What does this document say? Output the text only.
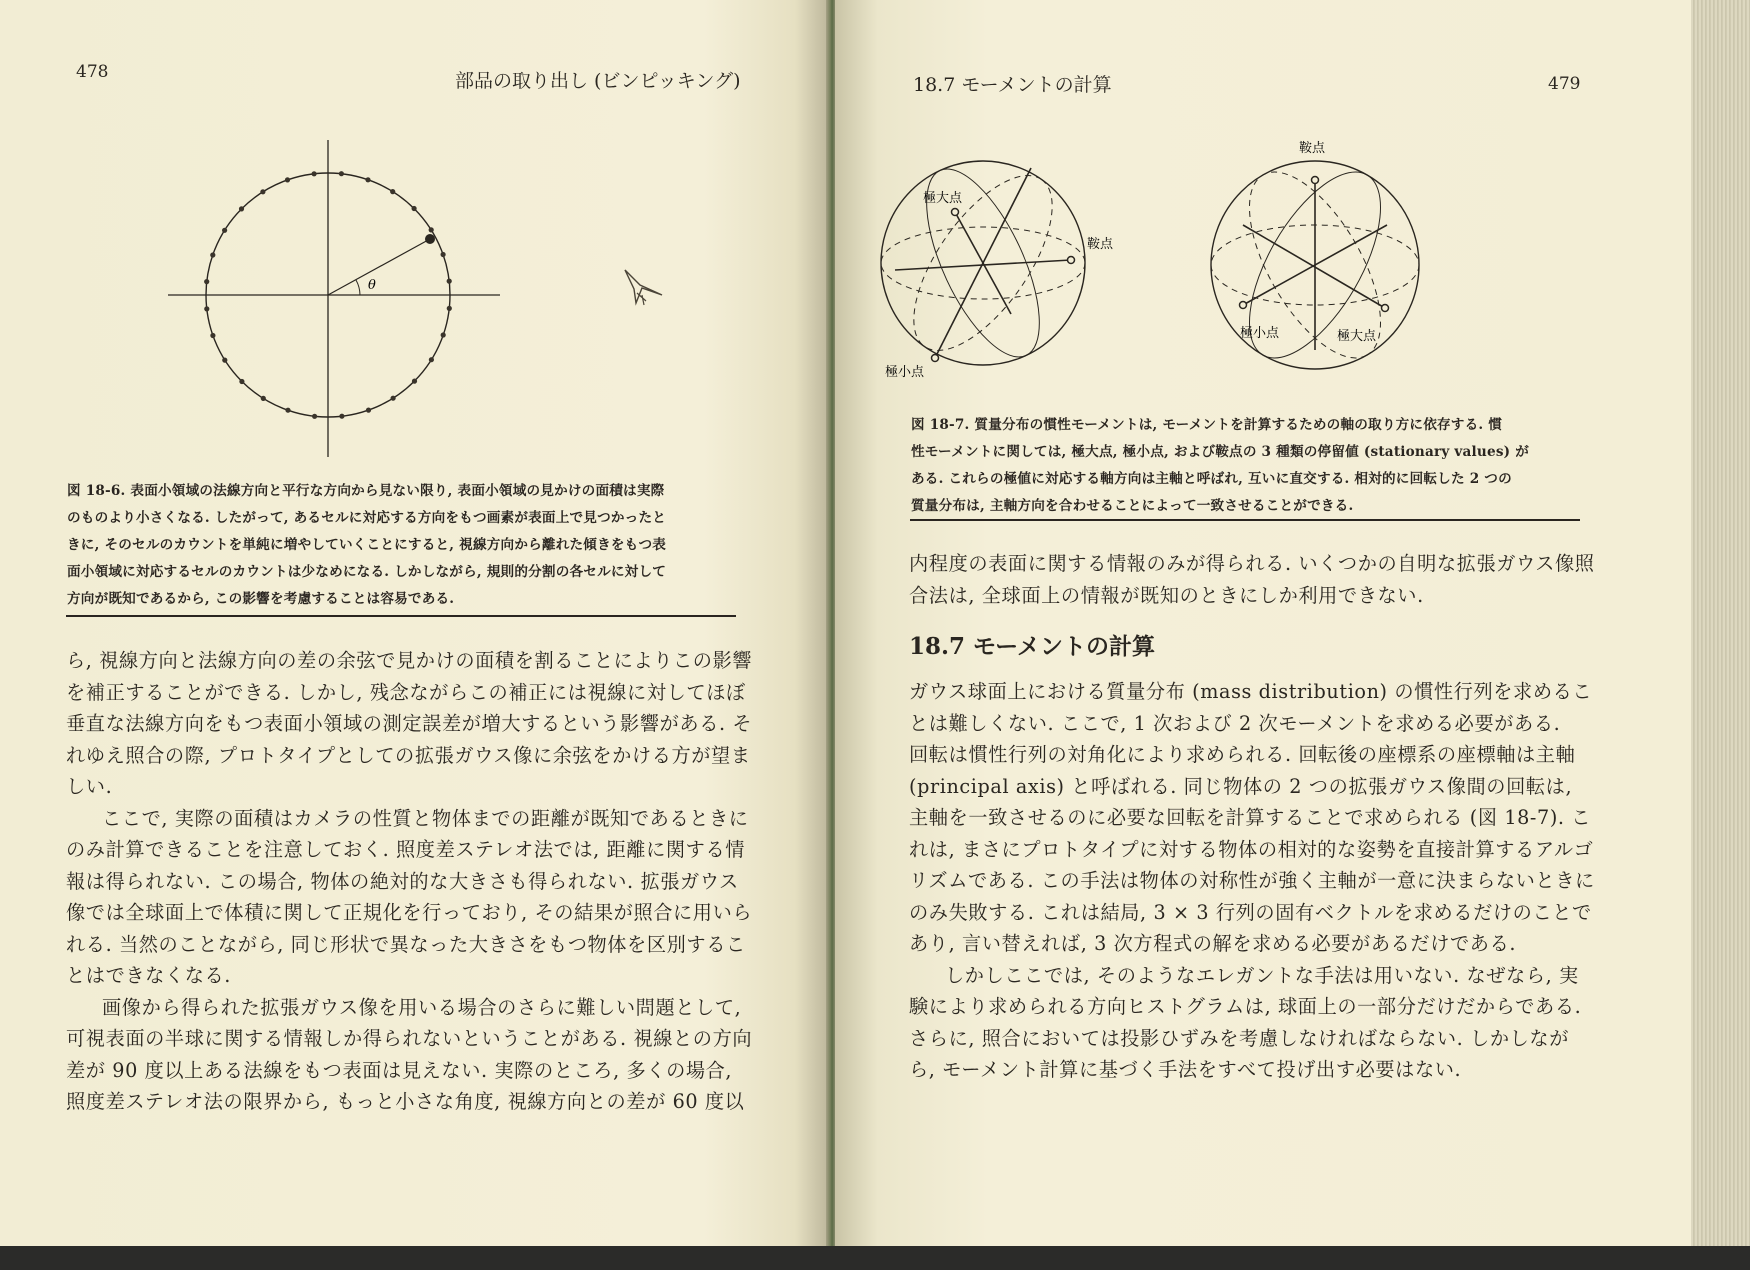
478	部品の取り出し (ビンピッキング)
θ
図 18-6. 表面小領域の法線方向と平行な方向から見ない限り, 表面小領域の見かけの面積は実際
のものより小さくなる. したがって, あるセルに対応する方向をもつ画素が表面上で見つかったと
きに, そのセルのカウントを単純に増やしていくことにすると, 視線方向から離れた傾きをもつ表
面小領域に対応するセルのカウントは少なめになる. しかしながら, 規則的分割の各セルに対して
方向が既知であるから, この影響を考慮することは容易である.
ら, 視線方向と法線方向の差の余弦で見かけの面積を割ることによりこの影響
を補正することができる. しかし, 残念ながらこの補正には視線に対してほぼ
垂直な法線方向をもつ表面小領域の測定誤差が増大するという影響がある. そ
れゆえ照合の際, プロトタイプとしての拡張ガウス像に余弦をかける方が望ま
しい.
ここで, 実際の面積はカメラの性質と物体までの距離が既知であるときに
のみ計算できることを注意しておく. 照度差ステレオ法では, 距離に関する情
報は得られない. この場合, 物体の絶対的な大きさも得られない. 拡張ガウス
像では全球面上で体積に関して正規化を行っており, その結果が照合に用いら
れる. 当然のことながら, 同じ形状で異なった大きさをもつ物体を区別するこ
とはできなくなる.
画像から得られた拡張ガウス像を用いる場合のさらに難しい問題として,
可視表面の半球に関する情報しか得られないということがある. 視線との方向
差が 90 度以上ある法線をもつ表面は見えない. 実際のところ, 多くの場合,
照度差ステレオ法の限界から, もっと小さな角度, 視線方向との差が 60 度以
18.7 モーメントの計算	479
極大点
鞍点
極小点
鞍点
極小点	極大点
図 18-7. 質量分布の慣性モーメントは, モーメントを計算するための軸の取り方に依存する. 慣
性モーメントに関しては, 極大点, 極小点, および鞍点の 3 種類の停留値 (stationary values) が
ある. これらの極値に対応する軸方向は主軸と呼ばれ, 互いに直交する. 相対的に回転した 2 つの
質量分布は, 主軸方向を合わせることによって一致させることができる.
内程度の表面に関する情報のみが得られる. いくつかの自明な拡張ガウス像照
合法は, 全球面上の情報が既知のときにしか利用できない.
18.7 モーメントの計算
ガウス球面上における質量分布 (mass distribution) の慣性行列を求めるこ
とは難しくない. ここで, 1 次および 2 次モーメントを求める必要がある.
回転は慣性行列の対角化により求められる. 回転後の座標系の座標軸は主軸
(principal axis) と呼ばれる. 同じ物体の 2 つの拡張ガウス像間の回転は,
主軸を一致させるのに必要な回転を計算することで求められる (図 18-7). こ
れは, まさにプロトタイプに対する物体の相対的な姿勢を直接計算するアルゴ
リズムである. この手法は物体の対称性が強く主軸が一意に決まらないときに
のみ失敗する. これは結局, 3 × 3 行列の固有ベクトルを求めるだけのことで
あり, 言い替えれば, 3 次方程式の解を求める必要があるだけである.
しかしここでは, そのようなエレガントな手法は用いない. なぜなら, 実
験により求められる方向ヒストグラムは, 球面上の一部分だけだからである.
さらに, 照合においては投影ひずみを考慮しなければならない. しかしなが
ら, モーメント計算に基づく手法をすべて投げ出す必要はない.
